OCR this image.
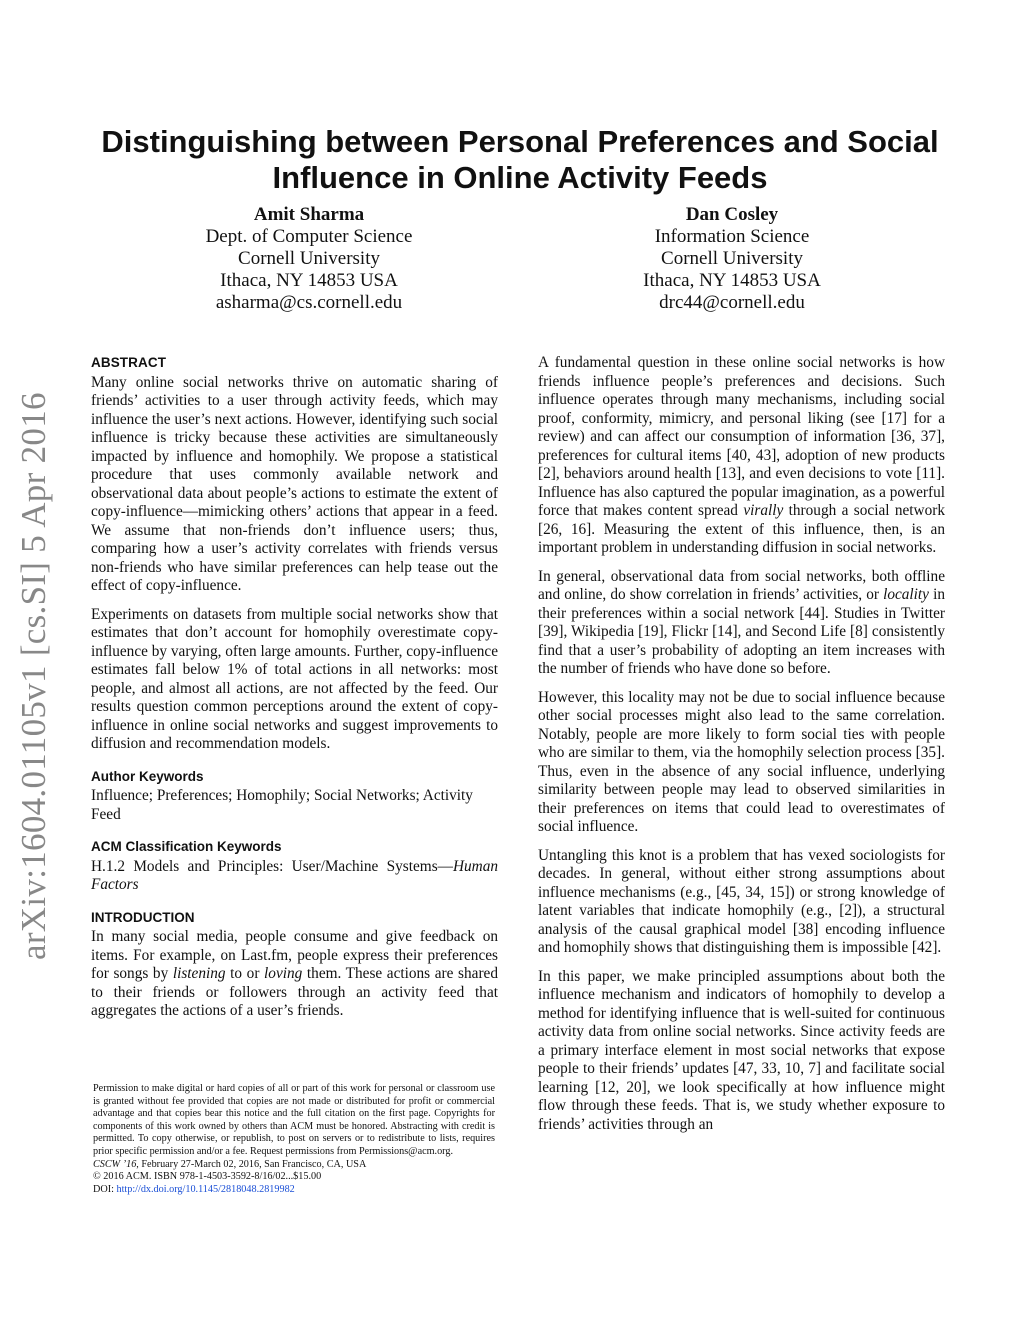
arXiv:1604.01105v1 [cs.SI] 5 Apr 2016
Distinguishing between Personal Preferences and Social
Influence in Online Activity Feeds
Amit Sharma
Dept. of Computer Science
Cornell University
Ithaca, NY 14853 USA
asharma@cs.cornell.edu
Dan Cosley
Information Science
Cornell University
Ithaca, NY 14853 USA
drc44@cornell.edu
ABSTRACT

Many online social networks thrive on automatic sharing of friends’ activities to a user through activity feeds, which may influence the user’s next actions. However, identifying such social influence is tricky because these activities are simultaneously impacted by influence and homophily. We propose a statistical procedure that uses commonly available network and observational data about people’s actions to estimate the extent of copy-influence—mimicking others’ actions that appear in a feed. We assume that non-friends don’t influence users; thus, comparing how a user’s activity correlates with friends versus non-friends who have similar preferences can help tease out the effect of copy-influence.

Experiments on datasets from multiple social networks show that estimates that don’t account for homophily overestimate copy-influence by varying, often large amounts. Further, copy-influence estimates fall below 1% of total actions in all networks: most people, and almost all actions, are not affected by the feed. Our results question common perceptions around the extent of copy-influence in online social networks and suggest improvements to diffusion and recommendation models.

Author Keywords

Influence; Preferences; Homophily; Social Networks; Activity Feed

ACM Classification Keywords

H.1.2 Models and Principles: User/Machine Systems—Human Factors

INTRODUCTION

In many social media, people consume and give feedback on items. For example, on Last.fm, people express their preferences for songs by listening to or loving them. These actions are shared to their friends or followers through an activity feed that aggregates the actions of a user’s friends.

Permission to make digital or hard copies of all or part of this work for personal or classroom use is granted without fee provided that copies are not made or distributed for profit or commercial advantage and that copies bear this notice and the full citation on the first page. Copyrights for components of this work owned by others than ACM must be honored. Abstracting with credit is permitted. To copy otherwise, or republish, to post on servers or to redistribute to lists, requires prior specific permission and/or a fee. Request permissions from Permissions@acm.org.
CSCW ’16, February 27-March 02, 2016, San Francisco, CA, USA
© 2016 ACM. ISBN 978-1-4503-3592-8/16/02...$15.00
DOI: http://dx.doi.org/10.1145/2818048.2819982

A fundamental question in these online social networks is how friends influence people’s preferences and decisions. Such influence operates through many mechanisms, including social proof, conformity, mimicry, and personal liking (see [17] for a review) and can affect our consumption of information [36, 37], preferences for cultural items [40, 43], adoption of new products [2], behaviors around health [13], and even decisions to vote [11]. Influence has also captured the popular imagination, as a powerful force that makes content spread virally through a social network [26, 16]. Measuring the extent of this influence, then, is an important problem in understanding diffusion in social networks.

In general, observational data from social networks, both offline and online, do show correlation in friends’ activities, or locality in their preferences within a social network [44]. Studies in Twitter [39], Wikipedia [19], Flickr [14], and Second Life [8] consistently find that a user’s probability of adopting an item increases with the number of friends who have done so before.

However, this locality may not be due to social influence because other social processes might also lead to the same correlation. Notably, people are more likely to form social ties with people who are similar to them, via the homophily selection process [35]. Thus, even in the absence of any social influence, underlying similarity between people may lead to observed similarities in their preferences on items that could lead to overestimates of social influence.

Untangling this knot is a problem that has vexed sociologists for decades. In general, without either strong assumptions about influence mechanisms (e.g., [45, 34, 15]) or strong knowledge of latent variables that indicate homophily (e.g., [2]), a structural analysis of the causal graphical model [38] encoding influence and homophily shows that distinguishing them is impossible [42].

In this paper, we make principled assumptions about both the influence mechanism and indicators of homophily to develop a method for identifying influence that is well-suited for continuous activity data from online social networks. Since activity feeds are a primary interface element in most social networks that expose people to their friends’ updates [47, 33, 10, 7] and facilitate social learning [12, 20], we look specifically at how influence might flow through these feeds. That is, we study whether exposure to friends’ activities through an
